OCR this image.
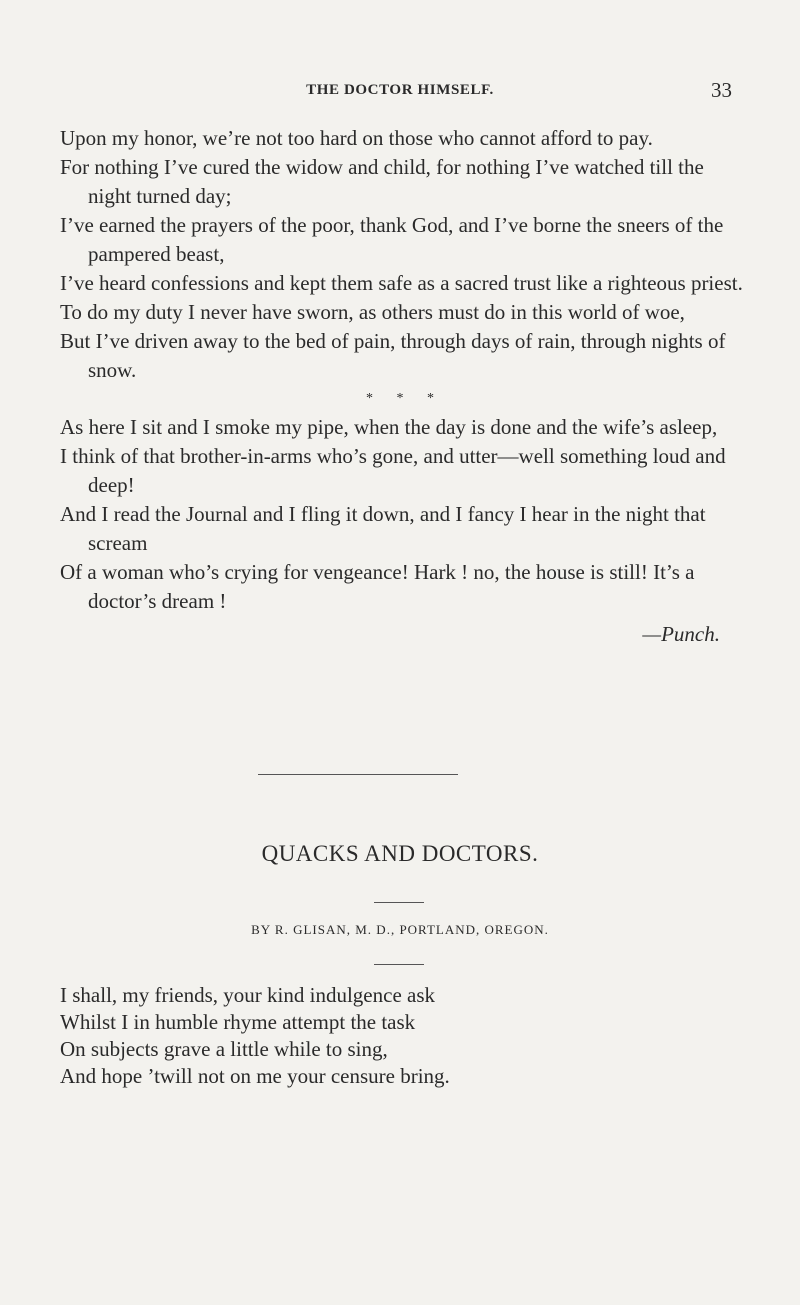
THE DOCTOR HIMSELF.	33

Upon my honor, we’re not too hard on those who cannot afford to pay.

For nothing I’ve cured the widow and child, for nothing I’ve watched till the night turned day;

I’ve earned the prayers of the poor, thank God, and I’ve borne the sneers of the pampered beast,

I’ve heard confessions and kept them safe as a sacred trust like a righteous priest.

To do my duty I never have sworn, as others must do in this world of woe,

But I’ve driven away to the bed of pain, through days of rain, through nights of snow.

* * *

As here I sit and I smoke my pipe, when the day is done and the wife’s asleep,

I think of that brother-in-arms who’s gone, and utter—well something loud and deep!

And I read the Journal and I fling it down, and I fancy I hear in the night that scream

Of a woman who’s crying for vengeance! Hark ! no, the house is still! It’s a doctor’s dream !

—Punch.

QUACKS AND DOCTORS.
BY R. GLISAN, M. D., PORTLAND, OREGON.

I shall, my friends, your kind indulgence ask

Whilst I in humble rhyme attempt the task

On subjects grave a little while to sing,

And hope ’twill not on me your censure bring.
